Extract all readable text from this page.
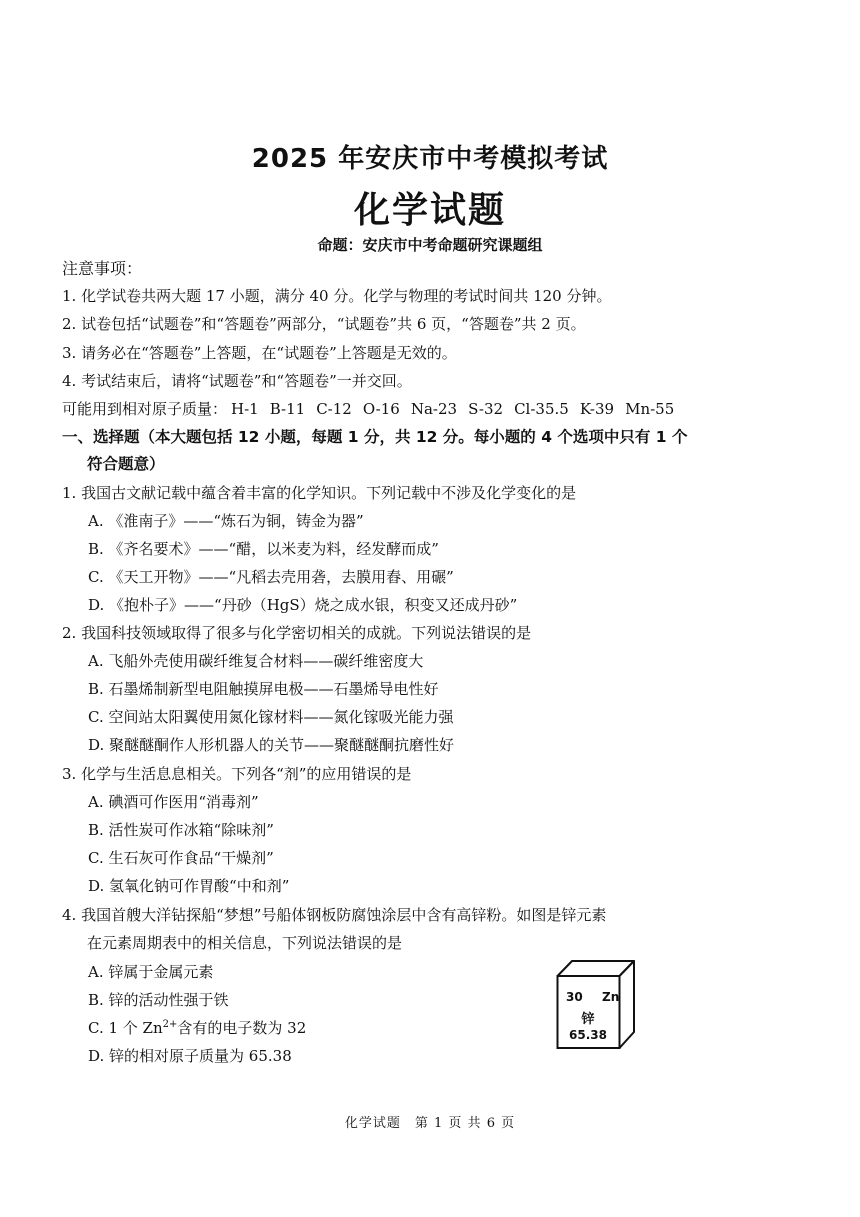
2025 年安庆市中考模拟考试
化学试题
命题：安庆市中考命题研究课题组
注意事项：
1. 化学试卷共两大题 17 小题，满分 40 分。化学与物理的考试时间共 120 分钟。
2. 试卷包括“试题卷”和“答题卷”两部分，“试题卷”共 6 页，“答题卷”共 2 页。
3. 请务必在“答题卷”上答题，在“试题卷”上答题是无效的。
4. 考试结束后，请将“试题卷”和“答题卷”一并交回。
可能用到相对原子质量： H-1 B-11 C-12 O-16 Na-23 S-32 Cl-35.5 K-39 Mn-55
一、选择题（本大题包括 12 小题，每题 1 分，共 12 分。每小题的 4 个选项中只有 1 个
符合题意）
1. 我国古文献记载中蕴含着丰富的化学知识。下列记载中不涉及化学变化的是
A. 《淮南子》——“炼石为铜，铸金为器”
B. 《齐名要术》——“醋，以米麦为料，经发酵而成”
C. 《天工开物》——“凡稻去壳用砻，去膜用舂、用碾”
D. 《抱朴子》——“丹砂（HgS）烧之成水银，积变又还成丹砂”
2. 我国科技领域取得了很多与化学密切相关的成就。下列说法错误的是
A. 飞船外壳使用碳纤维复合材料——碳纤维密度大
B. 石墨烯制新型电阻触摸屏电极——石墨烯导电性好
C. 空间站太阳翼使用氮化镓材料——氮化镓吸光能力强
D. 聚醚醚酮作人形机器人的关节——聚醚醚酮抗磨性好
3. 化学与生活息息相关。下列各“剂”的应用错误的是
A. 碘酒可作医用“消毒剂”
B. 活性炭可作冰箱“除味剂”
C. 生石灰可作食品“干燥剂”
D. 氢氧化钠可作胃酸“中和剂”
4. 我国首艘大洋钻探船“梦想”号船体钢板防腐蚀涂层中含有高锌粉。如图是锌元素
在元素周期表中的相关信息，下列说法错误的是
A. 锌属于金属元素
B. 锌的活动性强于铁
C. 1 个 $Zn^{2+}$含有的电子数为 32
D. 锌的相对原子质量为 65.38
30 Zn
锌
65.38
化学试题　第 1 页 共 6 页
